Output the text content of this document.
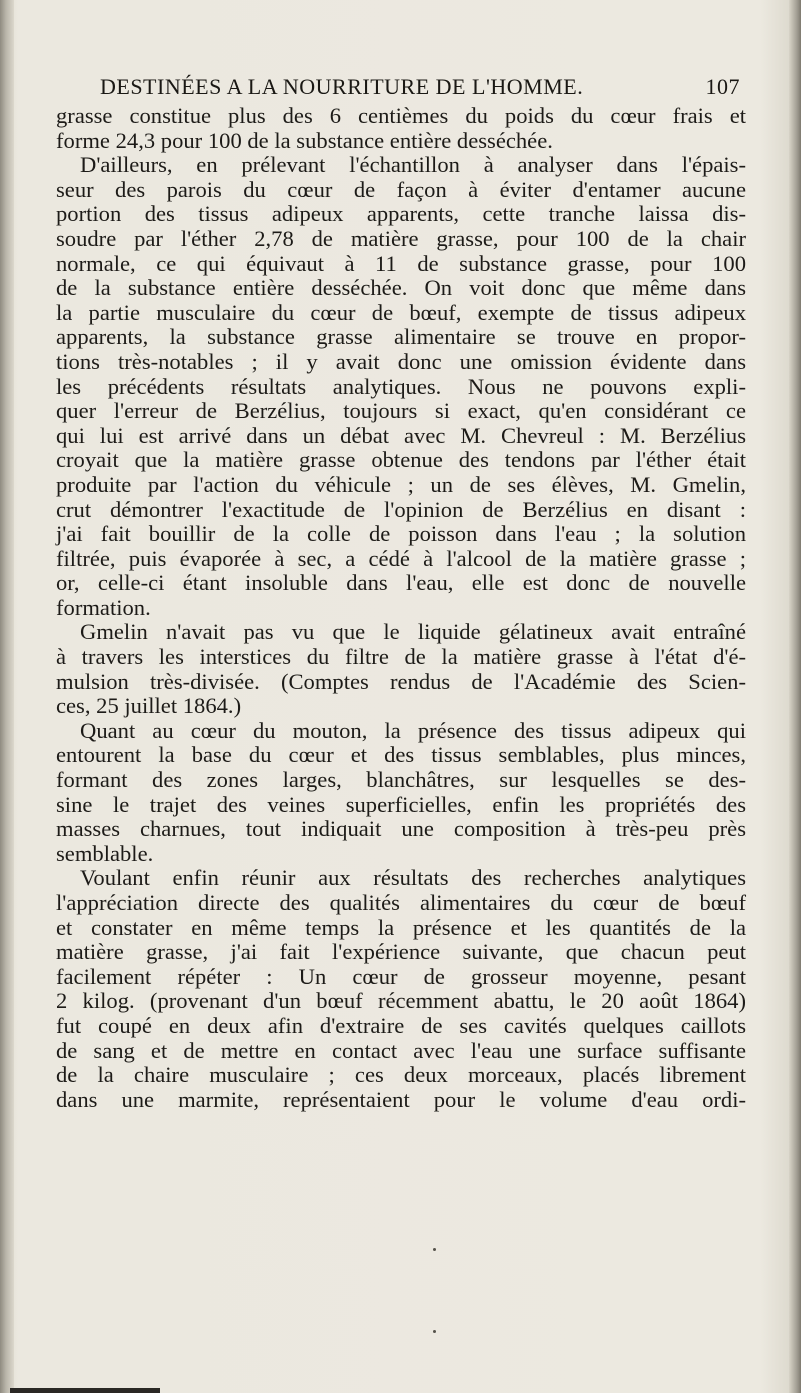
DESTINÉES A LA NOURRITURE DE L'HOMME.	107
grasse constitue plus des 6 centièmes du poids du cœur frais et
forme 24,3 pour 100 de la substance entière desséchée.
D'ailleurs, en prélevant l'échantillon à analyser dans l'épais-
seur des parois du cœur de façon à éviter d'entamer aucune
portion des tissus adipeux apparents, cette tranche laissa dis-
soudre par l'éther 2,78 de matière grasse, pour 100 de la chair
normale, ce qui équivaut à 11 de substance grasse, pour 100
de la substance entière desséchée. On voit donc que même dans
la partie musculaire du cœur de bœuf, exempte de tissus adipeux
apparents, la substance grasse alimentaire se trouve en propor-
tions très-notables ; il y avait donc une omission évidente dans
les précédents résultats analytiques. Nous ne pouvons expli-
quer l'erreur de Berzélius, toujours si exact, qu'en considérant ce
qui lui est arrivé dans un débat avec M. Chevreul : M. Berzélius
croyait que la matière grasse obtenue des tendons par l'éther était
produite par l'action du véhicule ; un de ses élèves, M. Gmelin,
crut démontrer l'exactitude de l'opinion de Berzélius en disant :
j'ai fait bouillir de la colle de poisson dans l'eau ; la solution
filtrée, puis évaporée à sec, a cédé à l'alcool de la matière grasse ;
or, celle-ci étant insoluble dans l'eau, elle est donc de nouvelle
formation.
Gmelin n'avait pas vu que le liquide gélatineux avait entraîné
à travers les interstices du filtre de la matière grasse à l'état d'é-
mulsion très-divisée. (Comptes rendus de l'Académie des Scien-
ces, 25 juillet 1864.)
Quant au cœur du mouton, la présence des tissus adipeux qui
entourent la base du cœur et des tissus semblables, plus minces,
formant des zones larges, blanchâtres, sur lesquelles se des-
sine le trajet des veines superficielles, enfin les propriétés des
masses charnues, tout indiquait une composition à très-peu près
semblable.
Voulant enfin réunir aux résultats des recherches analytiques
l'appréciation directe des qualités alimentaires du cœur de bœuf
et constater en même temps la présence et les quantités de la
matière grasse, j'ai fait l'expérience suivante, que chacun peut
facilement répéter : Un cœur de grosseur moyenne, pesant
2 kilog. (provenant d'un bœuf récemment abattu, le 20 août 1864)
fut coupé en deux afin d'extraire de ses cavités quelques caillots
de sang et de mettre en contact avec l'eau une surface suffisante
de la chaire musculaire ; ces deux morceaux, placés librement
dans une marmite, représentaient pour le volume d'eau ordi-
